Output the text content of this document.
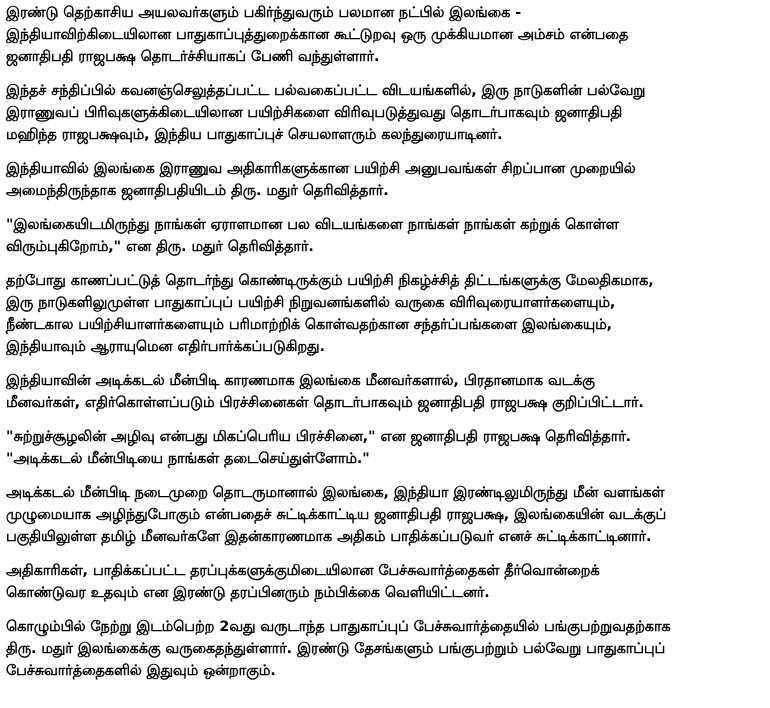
இரண்டு தெற்காசிய அயலவர்களும் பகிர்ந்துவரும் பலமான நட்பில் இலங்கை -
இந்தியாவிற்கிடையிலான பாதுகாப்புத்துறைக்கான கூட்டுறவு ஒரு முக்கியமான அம்சம் என்பதை
ஜனாதிபதி ராஜபக்ஷ தொடர்ச்சியாகப் பேணி வந்துள்ளார்.
இந்தச் சந்திப்பில் கவனஞ்செலுத்தப்பட்ட பல்வகைப்பட்ட விடயங்களில், இரு நாடுகளின் பல்வேறு
இராணுவப் பிரிவுகளுக்கிடையிலான பயிற்சிகளை விரிவுபடுத்துவது தொடர்பாகவும் ஜனாதிபதி
மஹிந்த ராஜபக்ஷவும், இந்திய பாதுகாப்புச் செயலாளரும் கலந்துரையாடினர்.
இந்தியாவில் இலங்கை இராணுவ அதிகாரிகளுக்கான பயிற்சி அனுபவங்கள் சிறப்பான முறையில்
அமைந்திருந்தாக ஜனாதிபதியிடம் திரு. மதுர் தெரிவித்தார்.
"இலங்கையிடமிருந்து நாங்கள் ஏராளமான பல விடயங்களை நாங்கள் நாங்கள் கற்றுக் கொள்ள
விரும்புகிறோம்," என திரு. மதுர் தெரிவித்தார்.
தற்போது காணப்பட்டுத் தொடர்ந்து கொண்டிருக்கும் பயிற்சி நிகழ்ச்சித் திட்டங்களுக்கு மேலதிகமாக,
இரு நாடுகளிலுமுள்ள பாதுகாப்புப் பயிற்சி நிறுவனங்களில் வருகை விரிவுரையாளர்களையும்,
நீண்டகால பயிற்சியாளர்களையும் பரிமாற்றிக் கொள்வதற்கான சந்தர்ப்பங்களை இலங்கையும்,
இந்தியாவும் ஆராயுமென எதிர்பார்க்கப்படுகிறது.
இந்தியாவின் அடிக்கடல் மீன்பிடி காரணமாக இலங்கை மீனவர்களால், பிரதானமாக வடக்கு
மீனவர்கள், எதிர்கொள்ளப்படும் பிரச்சினைகள் தொடர்பாகவும் ஜனாதிபதி ராஜபக்ஷ குறிப்பிட்டார்.
"சுற்றுச்சூழலின் அழிவு என்பது மிகப்பெரிய பிரச்சினை," என ஜனாதிபதி ராஜபக்ஷ தெரிவித்தார்.
"அடிக்கடல் மீன்பிடியை நாங்கள் தடைசெய்துள்ளோம்."
அடிக்கடல் மீன்பிடி நடைமுறை தொடருமானால் இலங்கை, இந்தியா இரண்டிலுமிருந்து மீன் வளங்கள்
முழுமையாக அழிந்துபோகும் என்பதைச் சுட்டிக்காட்டிய ஜனாதிபதி ராஜபக்ஷ, இலங்கையின் வடக்குப்
பகுதியிலுள்ள தமிழ் மீனவர்களே இதன்காரணமாக அதிகம் பாதிக்கப்படுவர் எனச் சுட்டிக்காட்டினார்.
அதிகாரிகள், பாதிக்கப்பட்ட தரப்புக்களுக்குமிடையிலான பேச்சுவார்த்தைகள் தீர்வொன்றைக்
கொண்டுவர உதவும் என இரண்டு தரப்பினரும் நம்பிக்கை வெளியிட்டனர்.
கொழும்பில் நேற்று இடம்பெற்ற 2வது வருடாந்த பாதுகாப்புப் பேச்சுவார்த்தையில் பங்குபற்றுவதற்காக
திரு. மதுர் இலங்கைக்கு வருகைதந்துள்ளார். இரண்டு தேசங்களும் பங்குபற்றும் பல்வேறு பாதுகாப்புப்
பேச்சுவார்த்தைகளில் இதுவும் ஒன்றாகும்.
